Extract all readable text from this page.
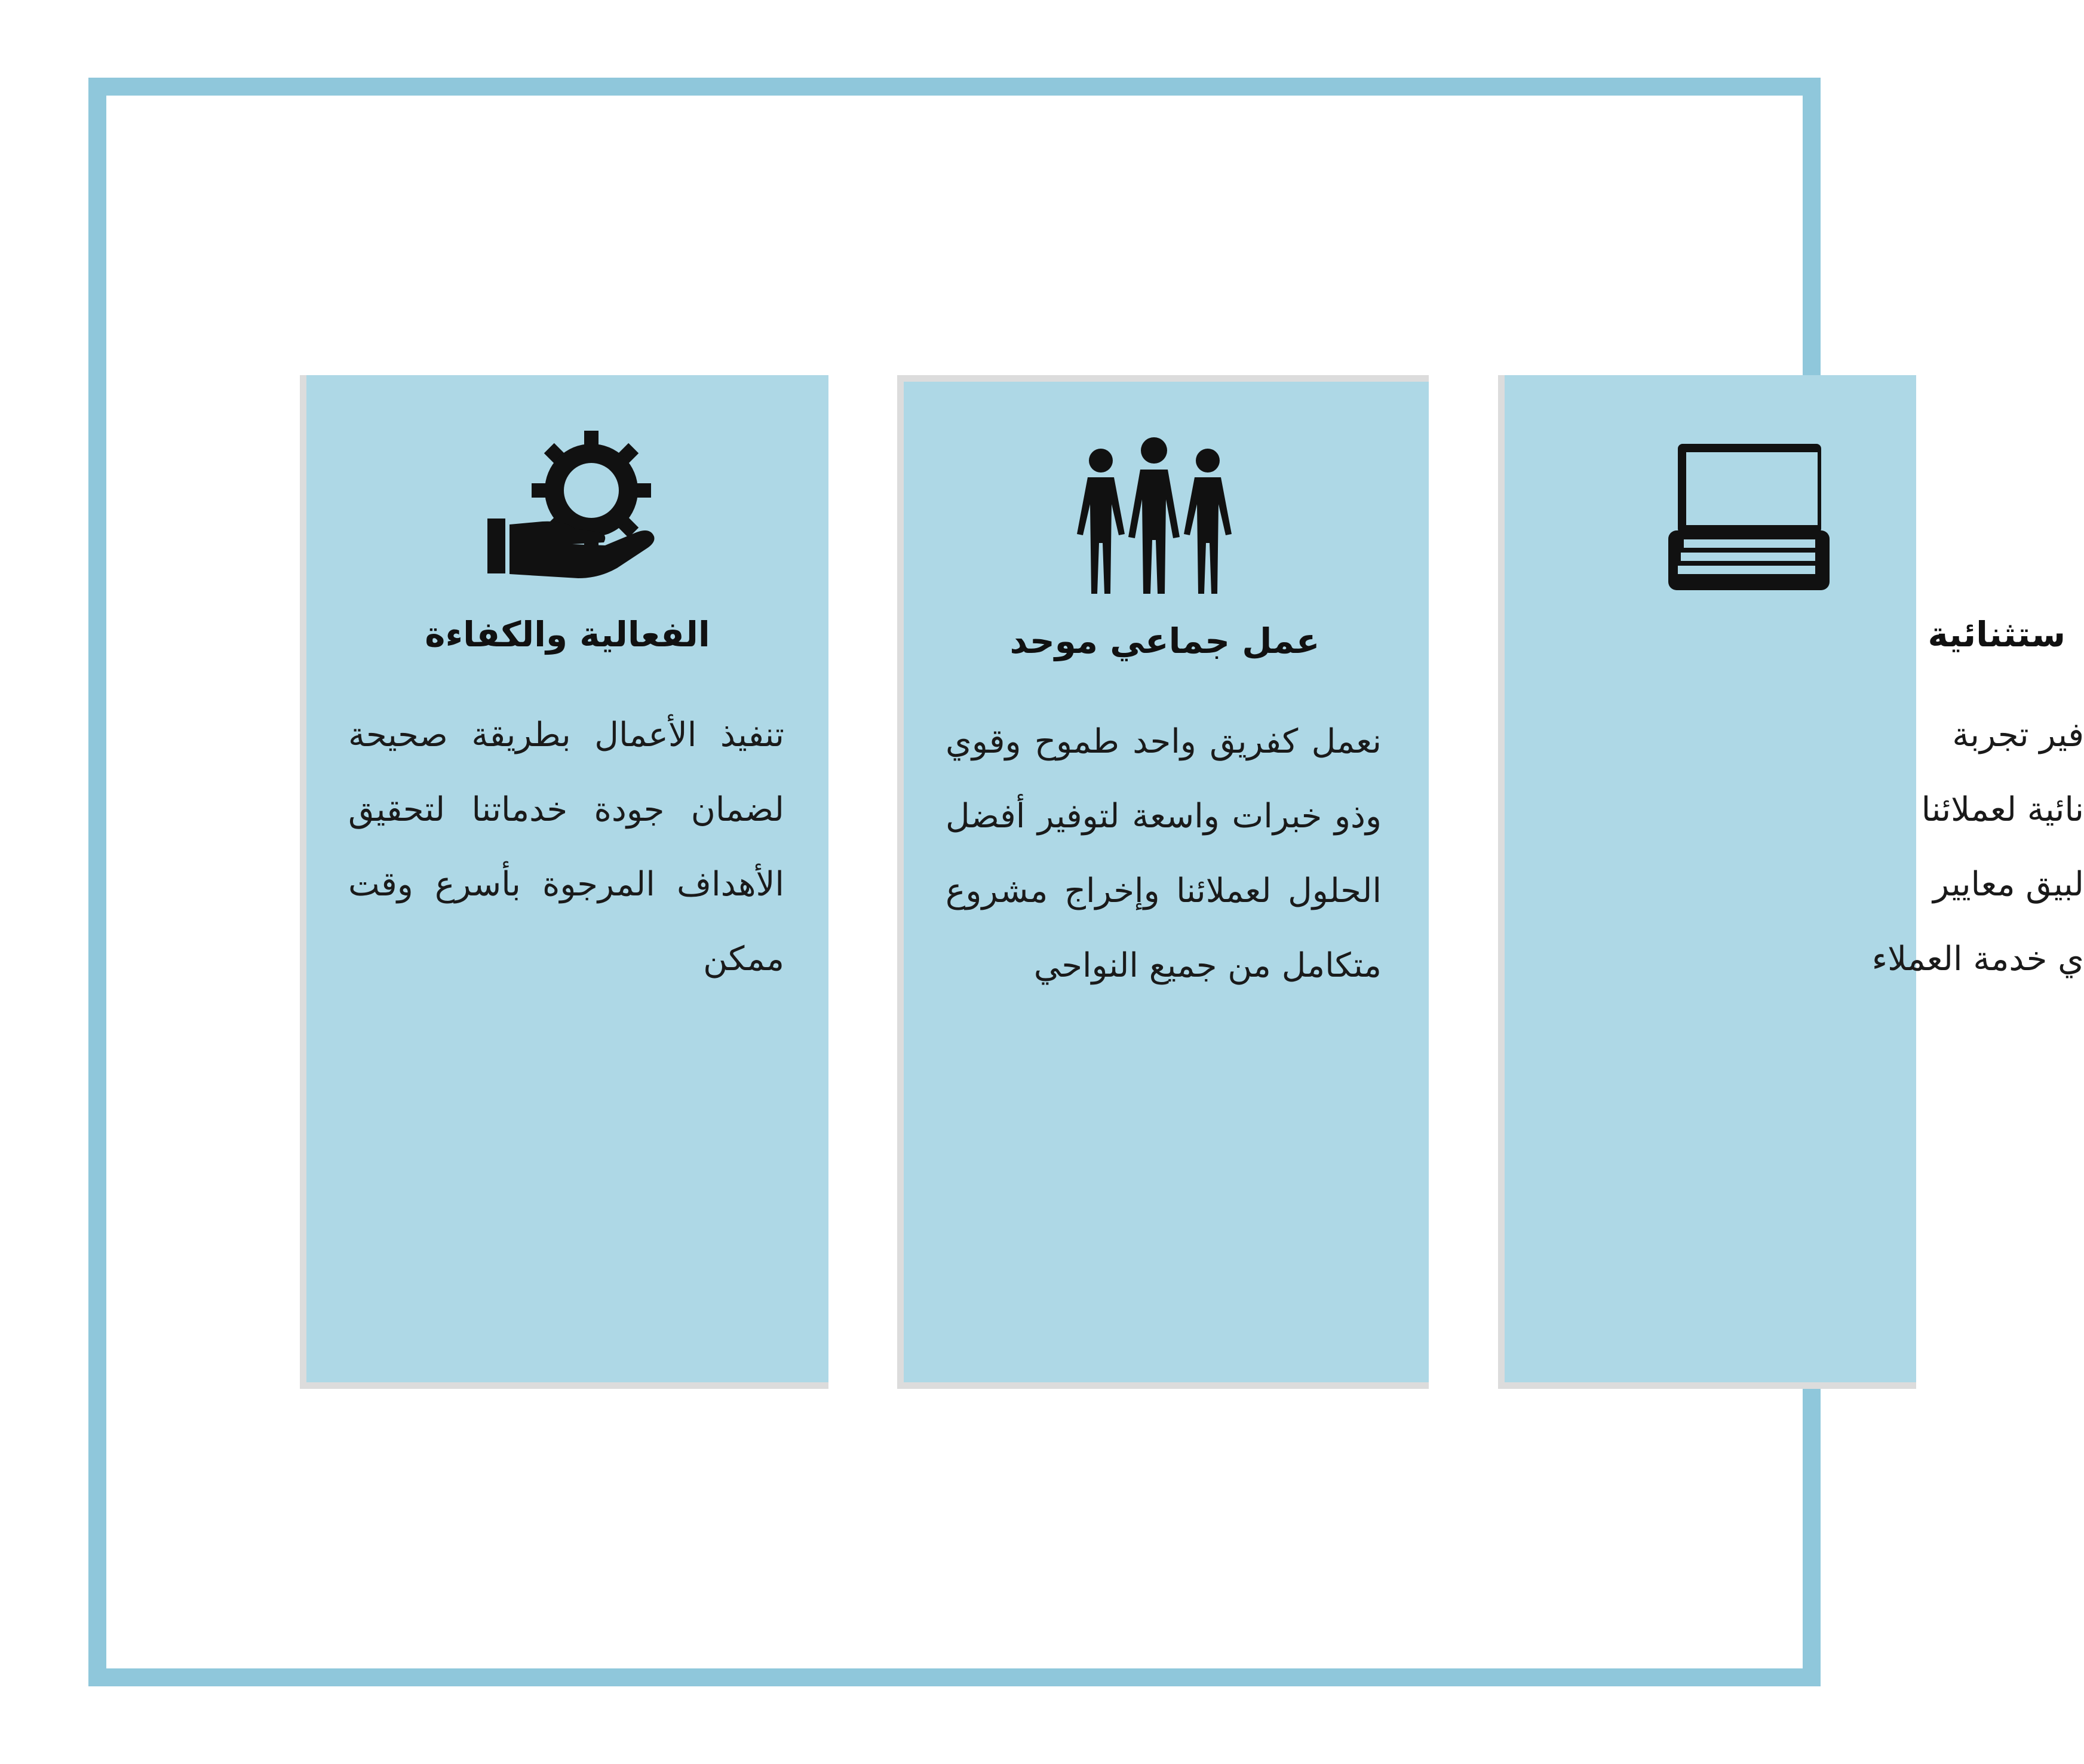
الفعالية والكفاءة
تنفيذ الأعمال بطريقة صحيحة لضمان جودة خدماتنا لتحقيق الأهداف المرجوة بأسرع وقت ممكن
عمل جماعي موحد
نعمل كفريق واحد طموح وقوي وذو خبرات واسعة لتوفير أفضل الحلول لعملائنا وإخراج مشروع متكامل من جميع النواحي
ستثنائية
فير تجربة
نائية لعملائنا
لبيق معايير
ي خدمة العملاء
